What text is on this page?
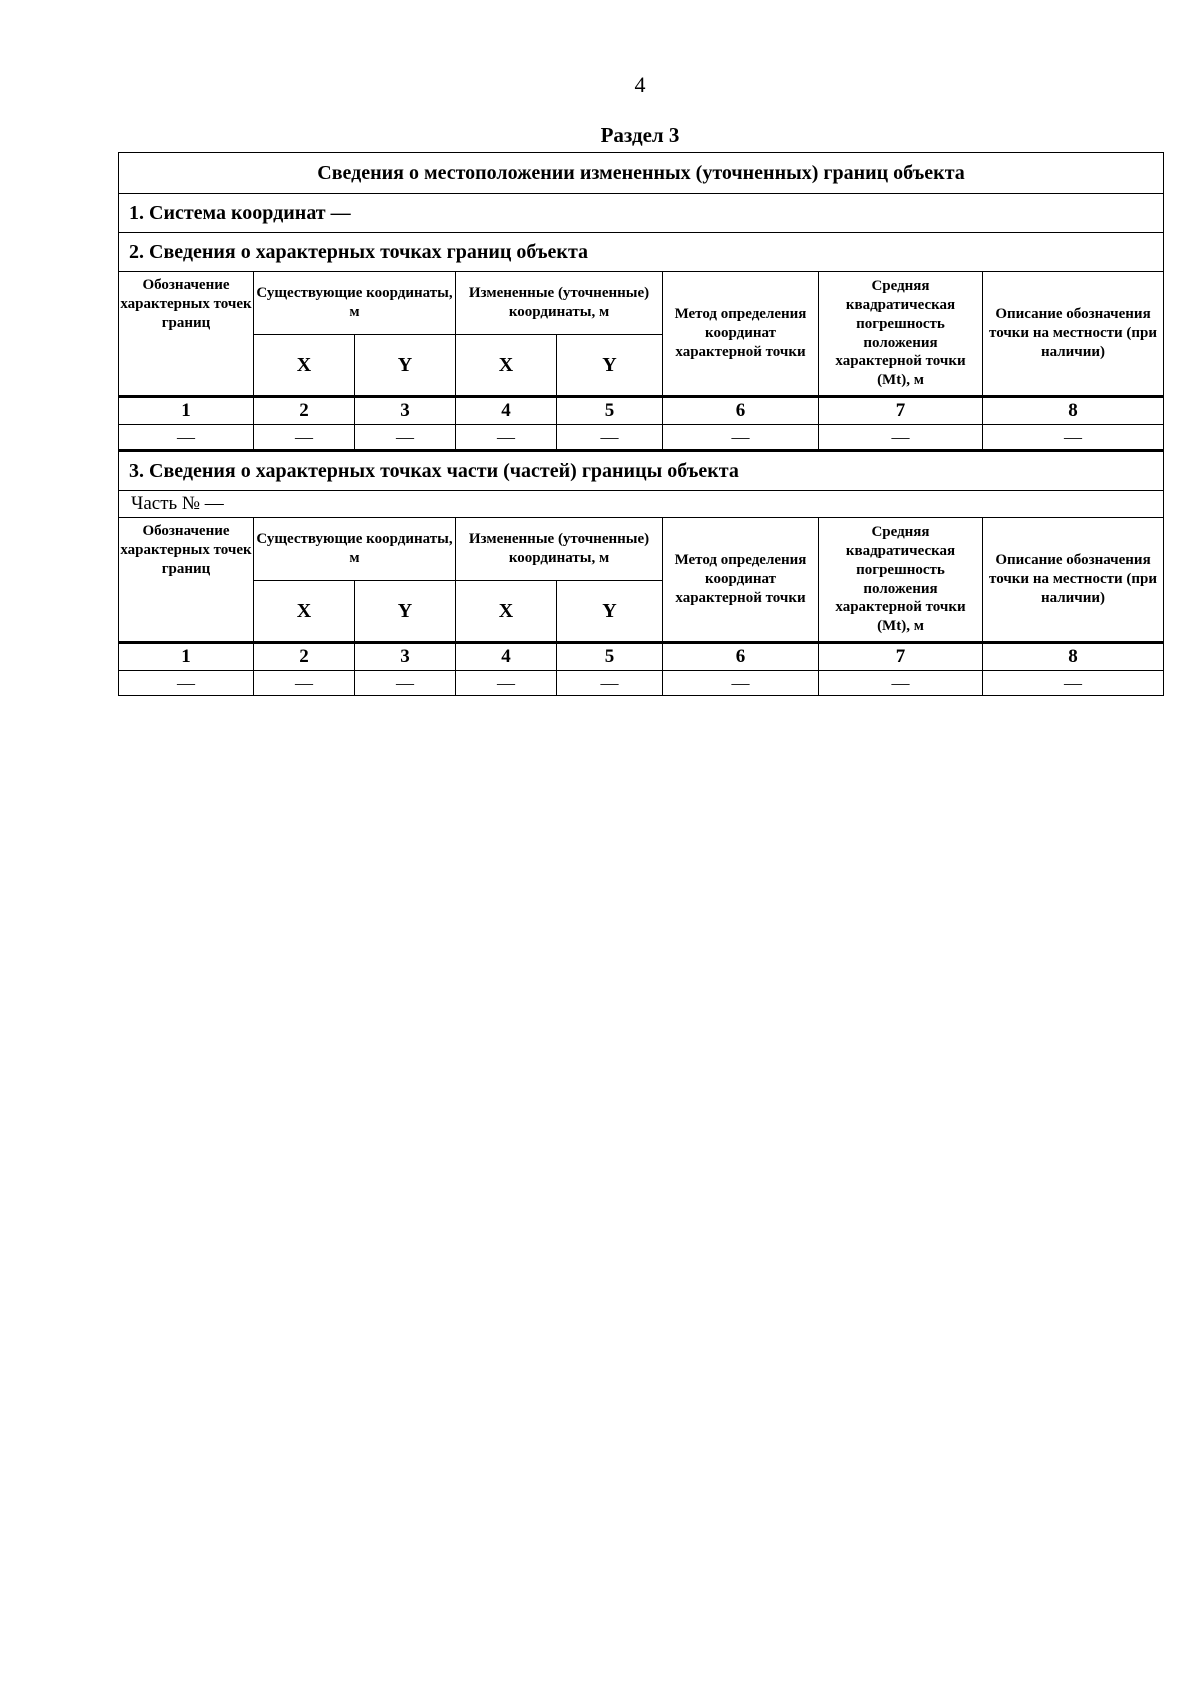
4
Раздел 3
Сведения о местоположении измененных (уточненных) границ объекта							
1. Система координат —							
2. Сведения о характерных точках границ объекта							
Обозначение характерных точек границ	Существующие координаты, м		Измененные (уточненные) координаты, м		Метод определения координат характерной точки	Средняя квадратическая погрешность положения характерной точки (Mt), м	Описание обозначения точки на местности (при наличии)
	X	Y	X	Y			
1	2	3	4	5	6	7	8
—	—	—	—	—	—	—	—
3. Сведения о характерных точках части (частей) границы объекта							
Часть № —							
Обозначение характерных точек границ	Существующие координаты, м		Измененные (уточненные) координаты, м		Метод определения координат характерной точки	Средняя квадратическая погрешность положения характерной точки (Mt), м	Описание обозначения точки на местности (при наличии)
	X	Y	X	Y			
1	2	3	4	5	6	7	8
—	—	—	—	—	—	—	—
